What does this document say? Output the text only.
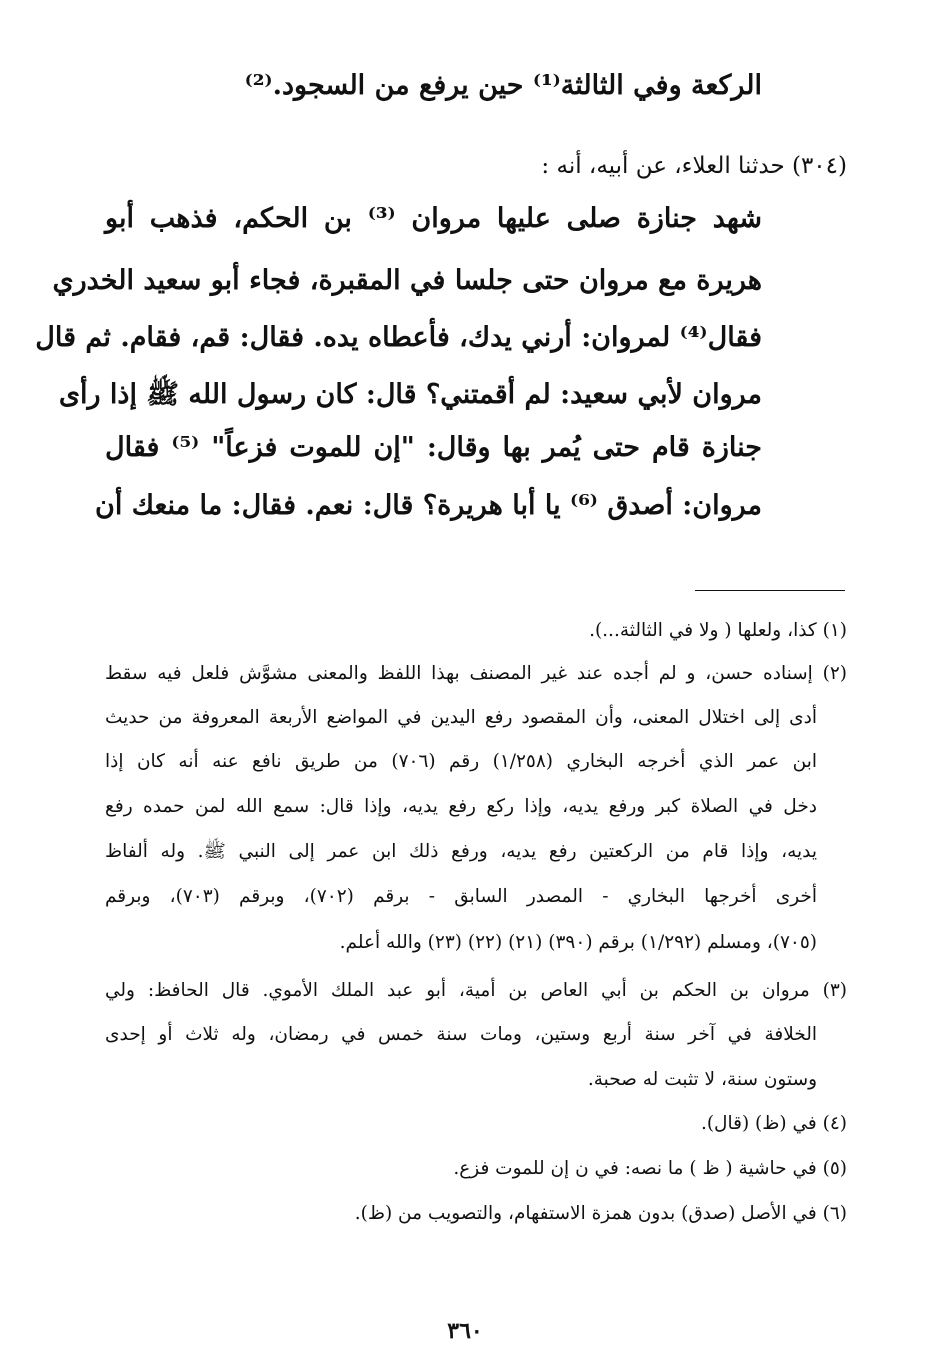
الركعة وفي الثالثة⁽¹⁾ حين يرفع من السجود.⁽²⁾
(٣٠٤) حدثنا العلاء، عن أبيه، أنه :
شهد جنازة صلى عليها مروان ⁽³⁾ بن الحكم، فذهب أبو
هريرة مع مروان حتى جلسا في المقبرة، فجاء أبو سعيد الخدري
فقال⁽⁴⁾ لمروان: أرني يدك، فأعطاه يده. فقال: قم، فقام. ثم قال
مروان لأبي سعيد: لم أقمتني؟ قال: كان رسول الله ﷺ إذا رأى
جنازة قام حتى يُمر بها وقال: "إن للموت فزعاً" ⁽⁵⁾ فقال
مروان: أصدق ⁽⁶⁾ يا أبا هريرة؟ قال: نعم. فقال: ما منعك أن
(١) كذا، ولعلها ( ولا في الثالثة...).
(٢) إسناده حسن، و لم أجده عند غير المصنف بهذا اللفظ والمعنى مشوَّش فلعل فيه سقط
أدى إلى اختلال المعنى، وأن المقصود رفع اليدين في المواضع الأربعة المعروفة من حديث
ابن عمر الذي أخرجه البخاري (١/٢٥٨) رقم (٧٠٦) من طريق نافع عنه أنه كان إذا
دخل في الصلاة كبر ورفع يديه، وإذا ركع رفع يديه، وإذا قال: سمع الله لمن حمده رفع
يديه، وإذا قام من الركعتين رفع يديه، ورفع ذلك ابن عمر إلى النبي ﷺ. وله ألفاظ
أخرى أخرجها البخاري - المصدر السابق - برقم (٧٠٢)، وبرقم (٧٠٣)، وبرقم
(٧٠٥)، ومسلم (١/٢٩٢) برقم (٣٩٠) (٢١) (٢٢) (٢٣) والله أعلم.
(٣) مروان بن الحكم بن أبي العاص بن أمية، أبو عبد الملك الأموي. قال الحافظ: ولي
الخلافة في آخر سنة أربع وستين، ومات سنة خمس في رمضان، وله ثلاث أو إحدى
وستون سنة، لا تثبت له صحبة.
(٤) في (ظ) (قال).
(٥) في حاشية ( ظ ) ما نصه: في ن إن للموت فزع.
(٦) في الأصل (صدق) بدون همزة الاستفهام، والتصويب من (ظ).
٣٦٠
